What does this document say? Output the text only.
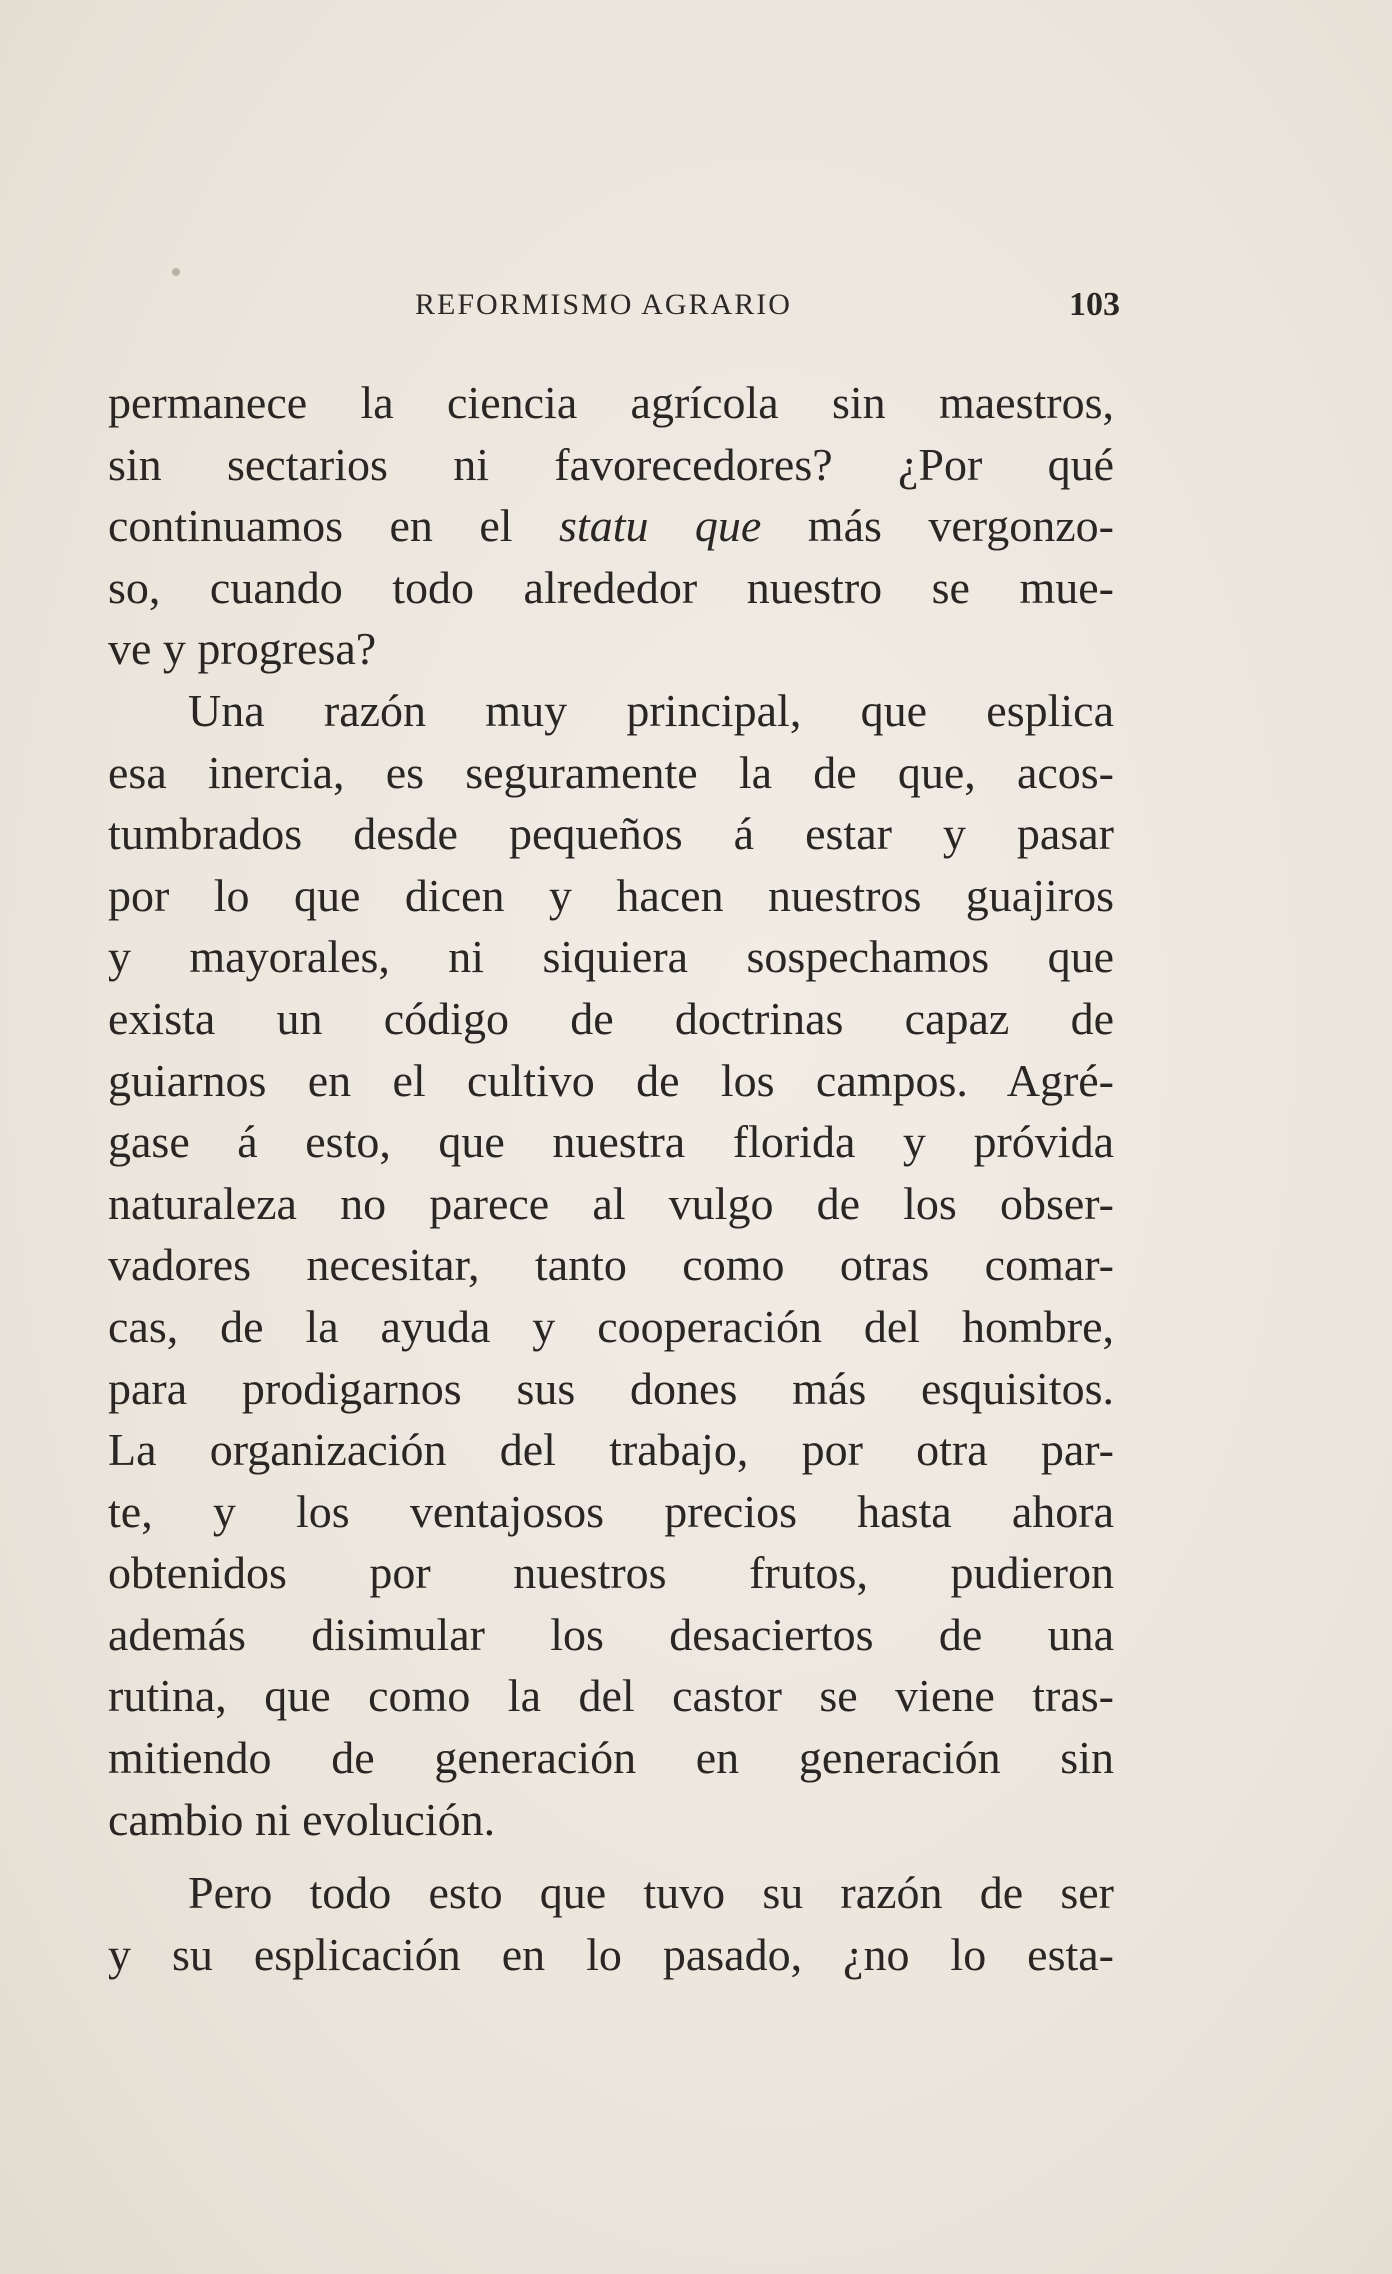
REFORMISMO AGRARIO	103
permanece la ciencia agrícola sin maestros,
sin sectarios ni favorecedores? ¿Por qué
continuamos en el statu que más vergonzo-
so, cuando todo alrededor nuestro se mue-
ve y progresa?
Una razón muy principal, que esplica
esa inercia, es seguramente la de que, acos-
tumbrados desde pequeños á estar y pasar
por lo que dicen y hacen nuestros guajiros
y mayorales, ni siquiera sospechamos que
exista un código de doctrinas capaz de
guiarnos en el cultivo de los campos. Agré-
gase á esto, que nuestra florida y próvida
naturaleza no parece al vulgo de los obser-
vadores necesitar, tanto como otras comar-
cas, de la ayuda y cooperación del hombre,
para prodigarnos sus dones más esquisitos.
La organización del trabajo, por otra par-
te, y los ventajosos precios hasta ahora
obtenidos por nuestros frutos, pudieron
además disimular los desaciertos de una
rutina, que como la del castor se viene tras-
mitiendo de generación en generación sin
cambio ni evolución.
Pero todo esto que tuvo su razón de ser
y su esplicación en lo pasado, ¿no lo esta-
